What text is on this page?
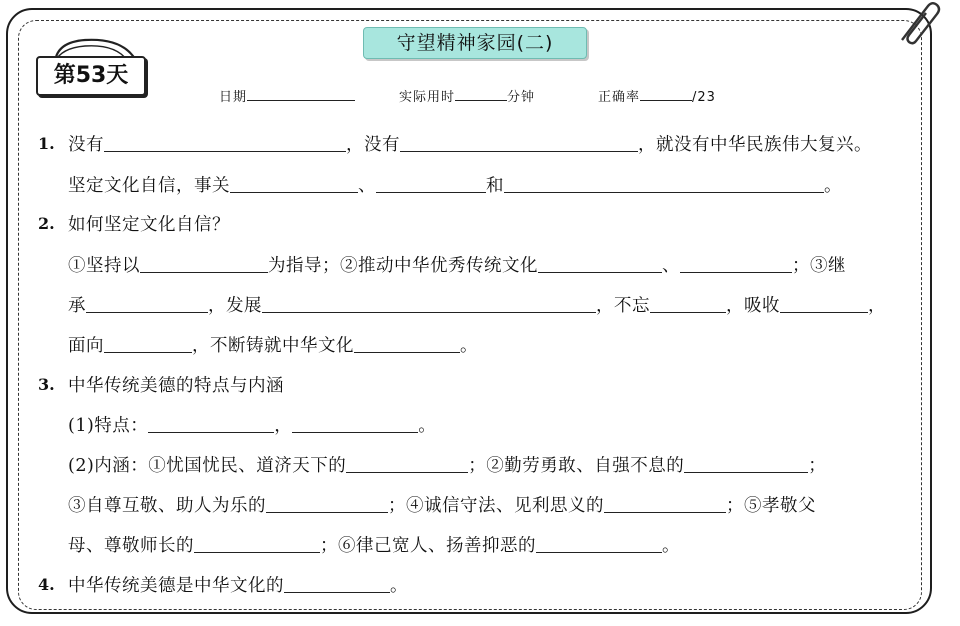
守望精神家园(二)
第53天
日期	实际用时	分钟	正确率	/23
1. 没有	，没有	，就没有中华民族伟大复兴。
坚定文化自信，事关	、	和	。
2. 如何坚定文化自信？
①坚持以	为指导；②推动中华优秀传统文化	、	；③继
承	，发展	，不忘	，吸收	，
面向	，不断铸就中华文化	。
3. 中华传统美德的特点与内涵
(1)特点：	，	。
(2)内涵：①忧国忧民、道济天下的	；②勤劳勇敢、自强不息的	；
③自尊互敬、助人为乐的	；④诚信守法、见利思义的	；⑤孝敬父
母、尊敬师长的	；⑥律己宽人、扬善抑恶的	。
4. 中华传统美德是中华文化的	。
